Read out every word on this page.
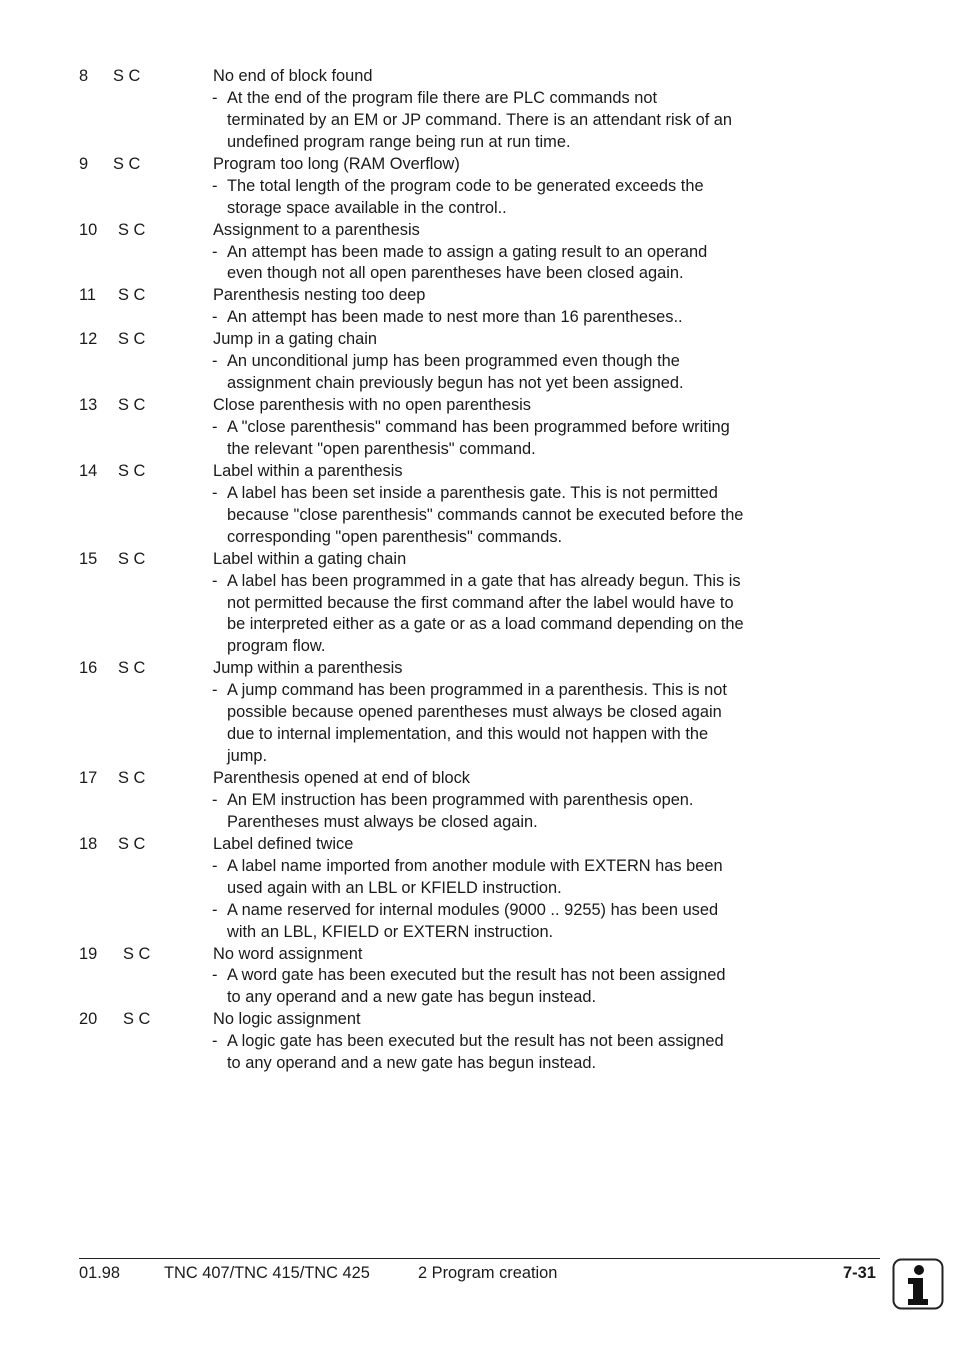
8 S C	No end of block found
- At the end of the program file there are PLC commands not
terminated by an EM or JP command. There is an attendant risk of an
undefined program range being run at run time.
9 S C	Program too long (RAM Overflow)
- The total length of the program code to be generated exceeds the
storage space available in the control..
10 S C	Assignment to a parenthesis
- An attempt has been made to assign a gating result to an operand
even though not all open parentheses have been closed again.
11 S C	Parenthesis nesting too deep
- An attempt has been made to nest more than 16 parentheses..
12 S C	Jump in a gating chain
- An unconditional jump has been programmed even though the
assignment chain previously begun has not yet been assigned.
13 S C	Close parenthesis with no open parenthesis
- A "close parenthesis" command has been programmed before writing
the relevant "open parenthesis" command.
14 S C	Label within a parenthesis
- A label has been set inside a parenthesis gate. This is not permitted
because "close parenthesis" commands cannot be executed before the
corresponding "open parenthesis" commands.
15 S C	Label within a gating chain
- A label has been programmed in a gate that has already begun. This is
not permitted because the first command after the label would have to
be interpreted either as a gate or as a load command depending on the
program flow.
16 S C	Jump within a parenthesis
- A jump command has been programmed in a parenthesis. This is not
possible because opened parentheses must always be closed again
due to internal implementation, and this would not happen with the
jump.
17 S C	Parenthesis opened at end of block
- An EM instruction has been programmed with parenthesis open.
Parentheses must always be closed again.
18 S C	Label defined twice
- A label name imported from another module with EXTERN has been
used again with an LBL or KFIELD instruction.
- A name reserved for internal modules (9000 .. 9255) has been used
with an LBL, KFIELD or EXTERN instruction.
19 S C	No word assignment
- A word gate has been executed but the result has not been assigned
to any operand and a new gate has begun instead.
20 S C	No logic assignment
- A logic gate has been executed but the result has not been assigned
to any operand and a new gate has begun instead.
01.98	TNC 407/TNC 415/TNC 425	2 Program creation	7-31
